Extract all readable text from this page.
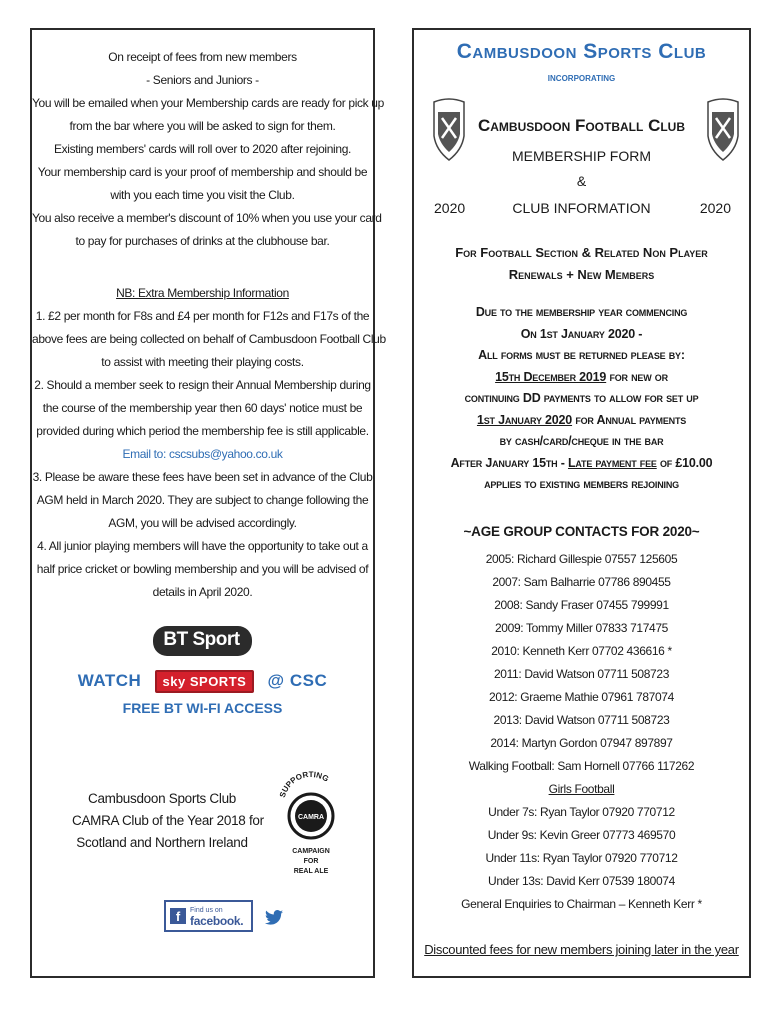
On receipt of fees from new members
- Seniors and Juniors -
You will be emailed when your Membership cards are ready for pick up
from the bar where you will be asked to sign for them.
Existing members' cards will roll over to 2020 after rejoining.
Your membership card is your proof of membership and should be
with you each time you visit the Club.
You also receive a member's discount of 10% when you use your card
to pay for purchases of drinks at the clubhouse bar.
NB: Extra Membership Information
1. £2 per month for F8s and £4 per month for F12s and F17s of the
above fees are being collected on behalf of Cambusdoon Football Club
to assist with meeting their playing costs.
2. Should a member seek to resign their Annual Membership during
the course of the membership year then 60 days' notice must be
provided during which period the membership fee is still applicable.
Email to: cscsubs@yahoo.co.uk
3. Please be aware these fees have been set in advance of the Club
AGM held in March 2020. They are subject to change following the
AGM, you will be advised accordingly.
4. All junior playing members will have the opportunity to take out a
half price cricket or bowling membership and you will be advised of
details in April 2020.
BT Sport
WATCH sky SPORTS @ CSC
FREE BT WI-FI ACCESS
Cambusdoon Sports Club
CAMRA Club of the Year 2018 for
Scotland and Northern Ireland
SUPPORTING
CAMRA
CAMPAIGN
FOR
REAL ALE
f	Find us on
facebook.
Cambusdoon Sports Club
INCORPORATING
Cambusdoon Football Club
MEMBERSHIP FORM
&
CLUB INFORMATION
2020	2020
For Football Section & Related Non Player
Renewals + New Members
Due to the membership year commencing
On 1st January 2020 -
All forms must be returned please by:
15th December 2019 for new or
continuing DD payments to allow for set up
1st January 2020 for Annual payments
by cash/card/cheque in the bar
After January 15th - Late payment fee of £10.00
applies to existing members rejoining
~AGE GROUP CONTACTS FOR 2020~
2005: Richard Gillespie 07557 125605
2007: Sam Balharrie 07786 890455
2008: Sandy Fraser 07455 799991
2009: Tommy Miller 07833 717475
2010: Kenneth Kerr 07702 436616 *
2011: David Watson 07711 508723
2012: Graeme Mathie 07961 787074
2013: David Watson 07711 508723
2014: Martyn Gordon 07947 897897
Walking Football: Sam Hornell 07766 117262
Girls Football
Under 7s: Ryan Taylor 07920 770712
Under 9s: Kevin Greer 07773 469570
Under 11s: Ryan Taylor 07920 770712
Under 13s: David Kerr 07539 180074
General Enquiries to Chairman – Kenneth Kerr *
Discounted fees for new members joining later in the year
